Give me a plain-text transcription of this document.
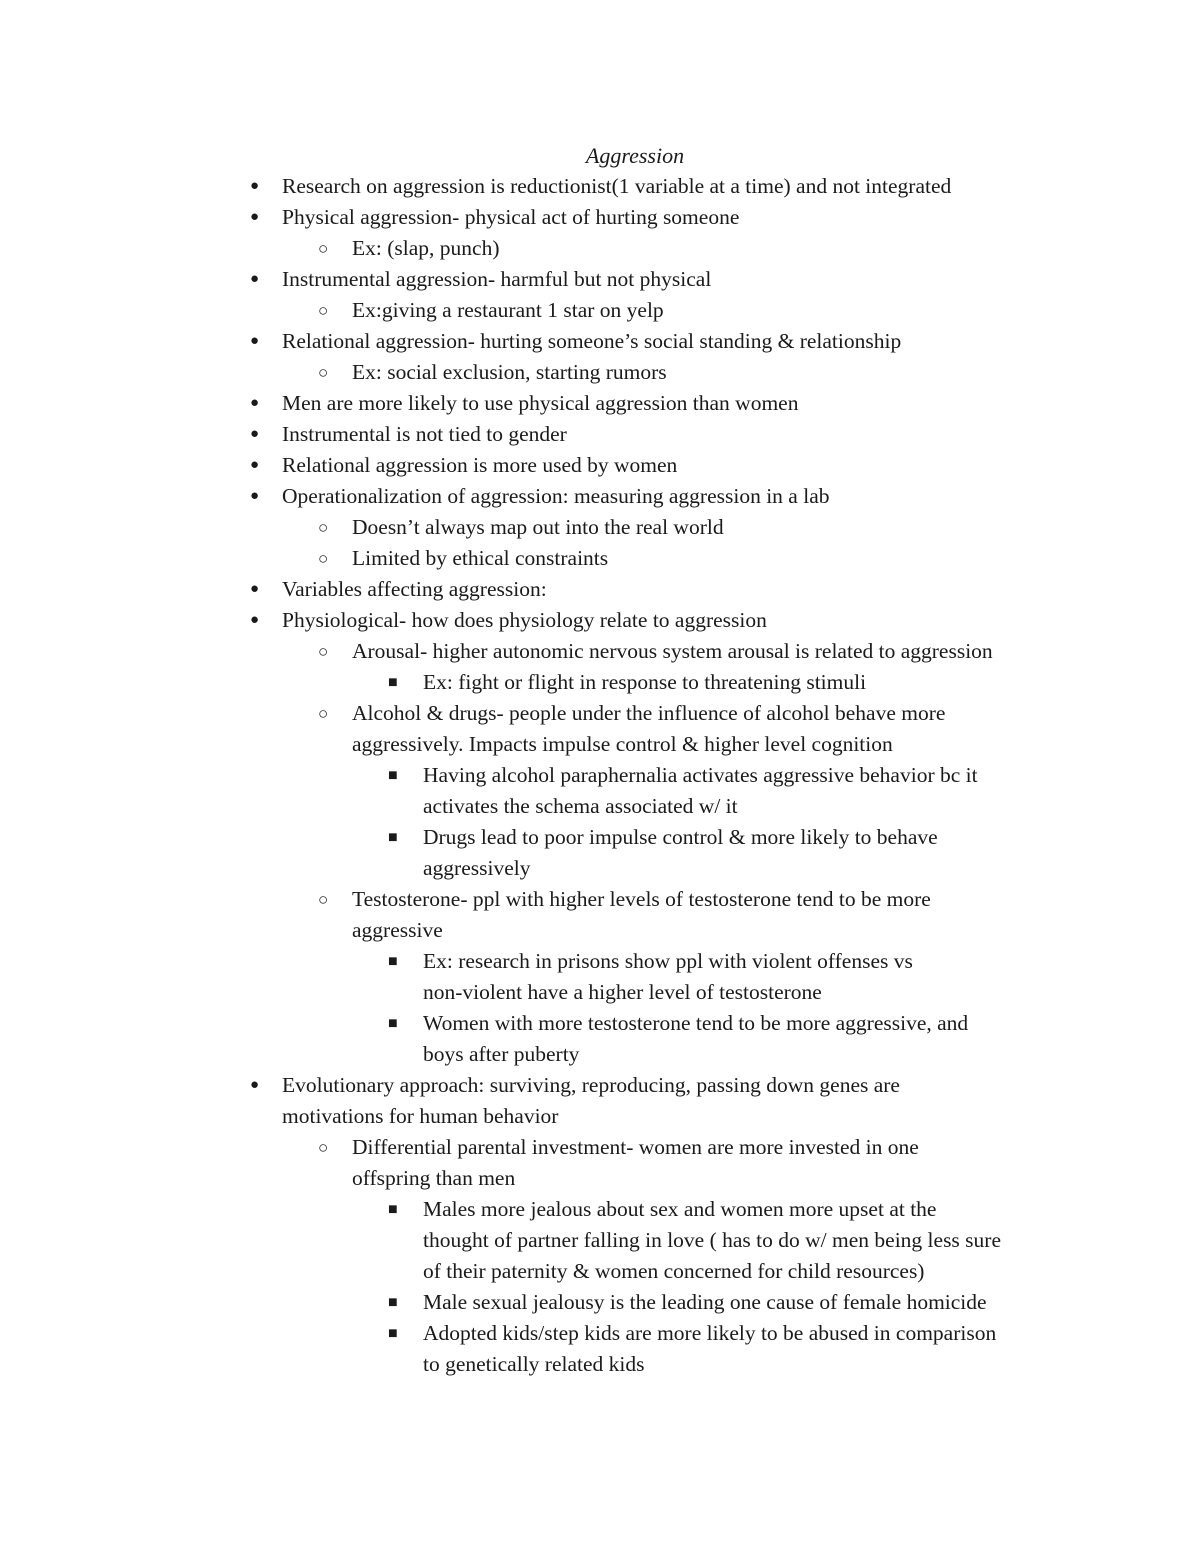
Aggression
● Research on aggression is reductionist(1 variable at a time) and not integrated
● Physical aggression- physical act of hurting someone
○ Ex: (slap, punch)
● Instrumental aggression- harmful but not physical
○ Ex:giving a restaurant 1 star on yelp
● Relational aggression- hurting someone’s social standing & relationship
○ Ex: social exclusion, starting rumors
● Men are more likely to use physical aggression than women
● Instrumental is not tied to gender
● Relational aggression is more used by women
● Operationalization of aggression: measuring aggression in a lab
○ Doesn’t always map out into the real world
○ Limited by ethical constraints
● Variables affecting aggression:
● Physiological- how does physiology relate to aggression
○ Arousal- higher autonomic nervous system arousal is related to aggression
■ Ex: fight or flight in response to threatening stimuli
○ Alcohol & drugs- people under the influence of alcohol behave more
aggressively. Impacts impulse control & higher level cognition
■ Having alcohol paraphernalia activates aggressive behavior bc it
activates the schema associated w/ it
■ Drugs lead to poor impulse control & more likely to behave
aggressively
○ Testosterone- ppl with higher levels of testosterone tend to be more
aggressive
■ Ex: research in prisons show ppl with violent offenses vs
non-violent have a higher level of testosterone
■ Women with more testosterone tend to be more aggressive, and
boys after puberty
● Evolutionary approach: surviving, reproducing, passing down genes are
motivations for human behavior
○ Differential parental investment- women are more invested in one
offspring than men
■ Males more jealous about sex and women more upset at the
thought of partner falling in love ( has to do w/ men being less sure
of their paternity & women concerned for child resources)
■ Male sexual jealousy is the leading one cause of female homicide
■ Adopted kids/step kids are more likely to be abused in comparison
to genetically related kids
